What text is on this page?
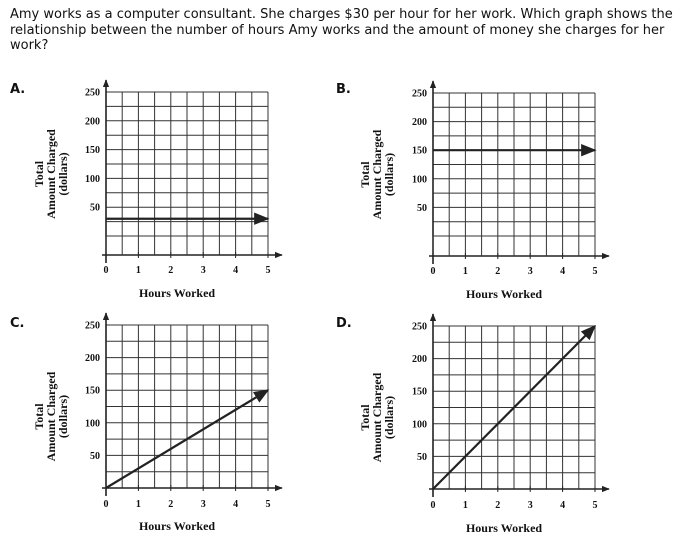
Amy works as a computer consultant. She charges $30 per hour for her work. Which graph shows the relationship between the number of hours Amy works and the amount of money she charges for her work?

A.	B.
C.	D.
0	1	2	3	4	5
50
100
150
200
250
Hours Worked
Total
Amount Charged
(dollars)
0	1	2	3	4	5
50
100
150
200
250
Hours Worked
Total
Amount Charged
(dollars)
0	1	2	3	4	5
50
100
150
200
250
Hours Worked
Total
Amount Charged
(dollars)
0	1	2	3	4	5
50
100
150
200
250
Hours Worked
Total
Amount Charged
(dollars)
